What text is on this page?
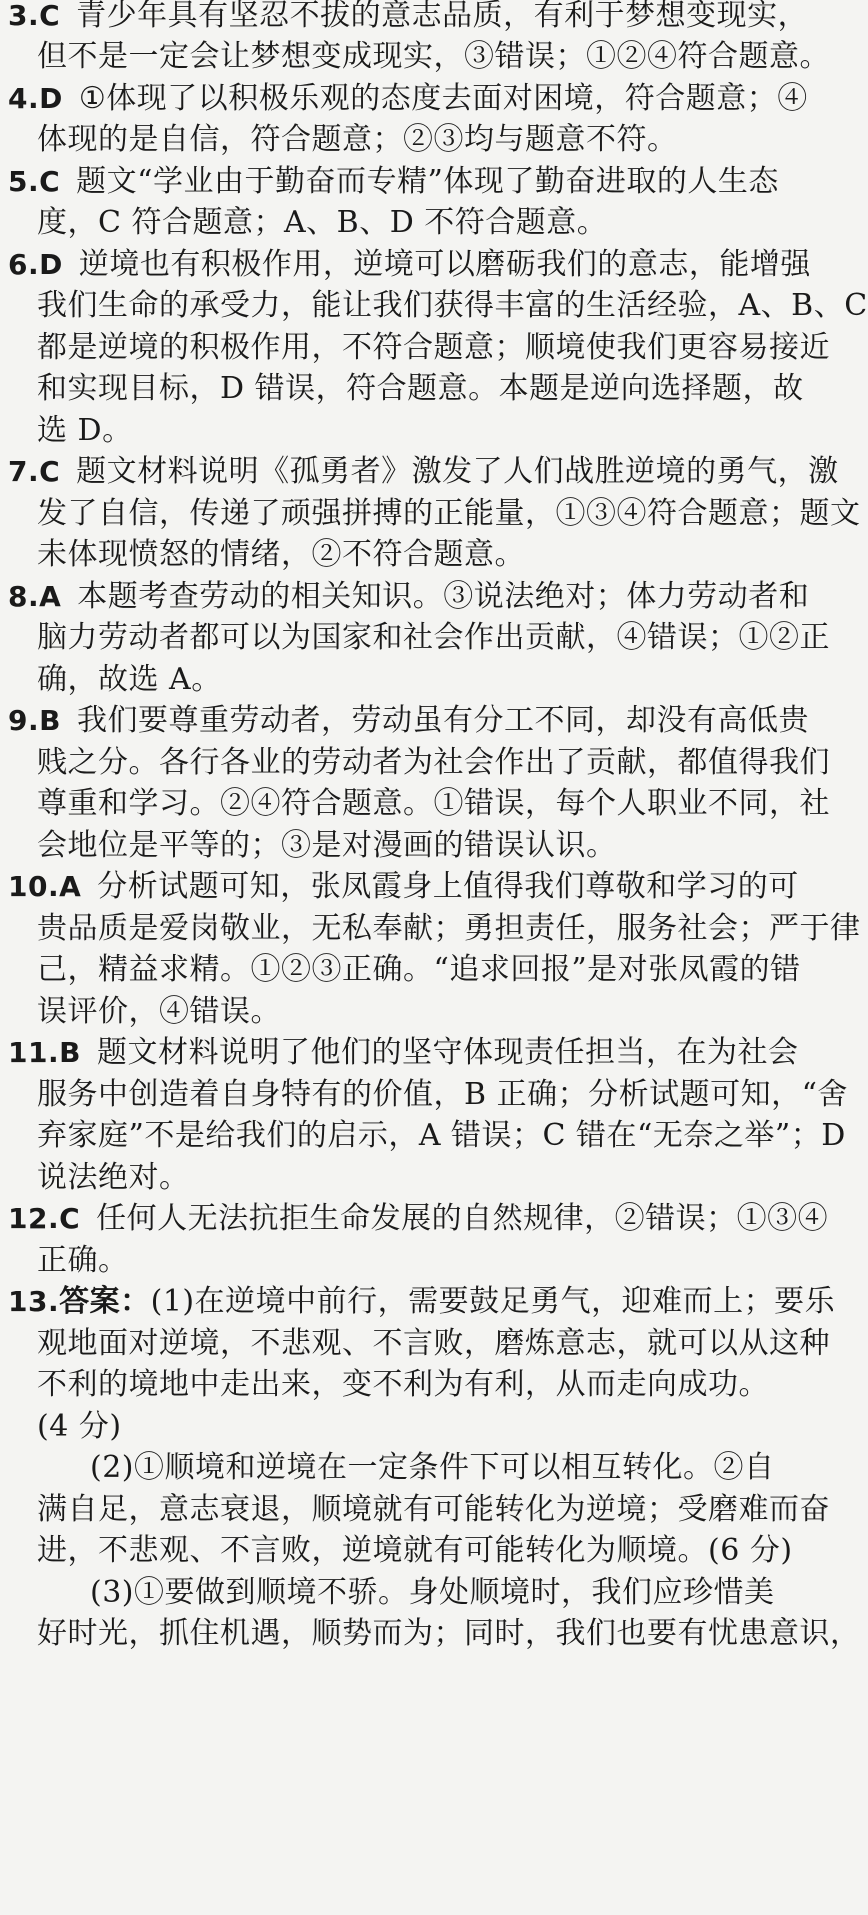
3.C 青少年具有坚忍不拔的意志品质，有利于梦想变现实，
但不是一定会让梦想变成现实，③错误；①②④符合题意。
4.D ①体现了以积极乐观的态度去面对困境，符合题意；④
体现的是自信，符合题意；②③均与题意不符。
5.C 题文“学业由于勤奋而专精”体现了勤奋进取的人生态
度，C 符合题意；A、B、D 不符合题意。
6.D 逆境也有积极作用，逆境可以磨砺我们的意志，能增强
我们生命的承受力，能让我们获得丰富的生活经验，A、B、C
都是逆境的积极作用，不符合题意；顺境使我们更容易接近
和实现目标，D 错误，符合题意。本题是逆向选择题，故
选 D。
7.C 题文材料说明《孤勇者》激发了人们战胜逆境的勇气，激
发了自信，传递了顽强拼搏的正能量，①③④符合题意；题文
未体现愤怒的情绪，②不符合题意。
8.A 本题考查劳动的相关知识。③说法绝对；体力劳动者和
脑力劳动者都可以为国家和社会作出贡献，④错误；①②正
确，故选 A。
9.B 我们要尊重劳动者，劳动虽有分工不同，却没有高低贵
贱之分。各行各业的劳动者为社会作出了贡献，都值得我们
尊重和学习。②④符合题意。①错误，每个人职业不同，社
会地位是平等的；③是对漫画的错误认识。
10.A 分析试题可知，张凤霞身上值得我们尊敬和学习的可
贵品质是爱岗敬业，无私奉献；勇担责任，服务社会；严于律
己，精益求精。①②③正确。“追求回报”是对张凤霞的错
误评价，④错误。
11.B 题文材料说明了他们的坚守体现责任担当，在为社会
服务中创造着自身特有的价值，B 正确；分析试题可知，“舍
弃家庭”不是给我们的启示，A 错误；C 错在“无奈之举”；D
说法绝对。
12.C 任何人无法抗拒生命发展的自然规律，②错误；①③④
正确。
13.答案：(1)在逆境中前行，需要鼓足勇气，迎难而上；要乐
观地面对逆境，不悲观、不言败，磨炼意志，就可以从这种
不利的境地中走出来，变不利为有利，从而走向成功。
(4 分)
(2)①顺境和逆境在一定条件下可以相互转化。②自
满自足，意志衰退，顺境就有可能转化为逆境；受磨难而奋
进，不悲观、不言败，逆境就有可能转化为顺境。(6 分)
(3)①要做到顺境不骄。身处顺境时，我们应珍惜美
好时光，抓住机遇，顺势而为；同时，我们也要有忧患意识，
